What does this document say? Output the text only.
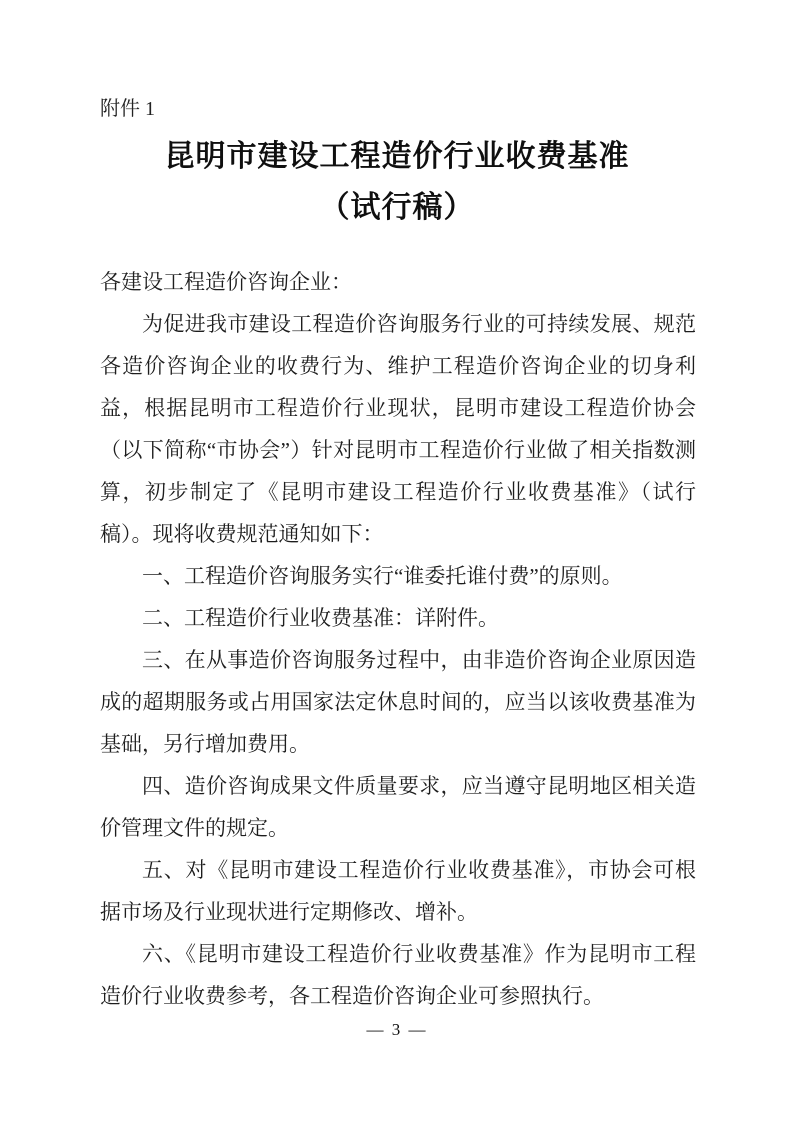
附件 1
昆明市建设工程造价行业收费基准
（试行稿）

各建设工程造价咨询企业：

为促进我市建设工程造价咨询服务行业的可持续发展、规范各造价咨询企业的收费行为、维护工程造价咨询企业的切身利益，根据昆明市工程造价行业现状，昆明市建设工程造价协会（以下简称“市协会”）针对昆明市工程造价行业做了相关指数测算，初步制定了《昆明市建设工程造价行业收费基准》（试行稿）。现将收费规范通知如下：

一、工程造价咨询服务实行“谁委托谁付费”的原则。

二、工程造价行业收费基准：详附件。

三、在从事造价咨询服务过程中，由非造价咨询企业原因造成的超期服务或占用国家法定休息时间的，应当以该收费基准为基础，另行增加费用。

四、造价咨询成果文件质量要求，应当遵守昆明地区相关造价管理文件的规定。

五、对《昆明市建设工程造价行业收费基准》，市协会可根据市场及行业现状进行定期修改、增补。

六、《昆明市建设工程造价行业收费基准》作为昆明市工程造价行业收费参考，各工程造价咨询企业可参照执行。

— 3 —
